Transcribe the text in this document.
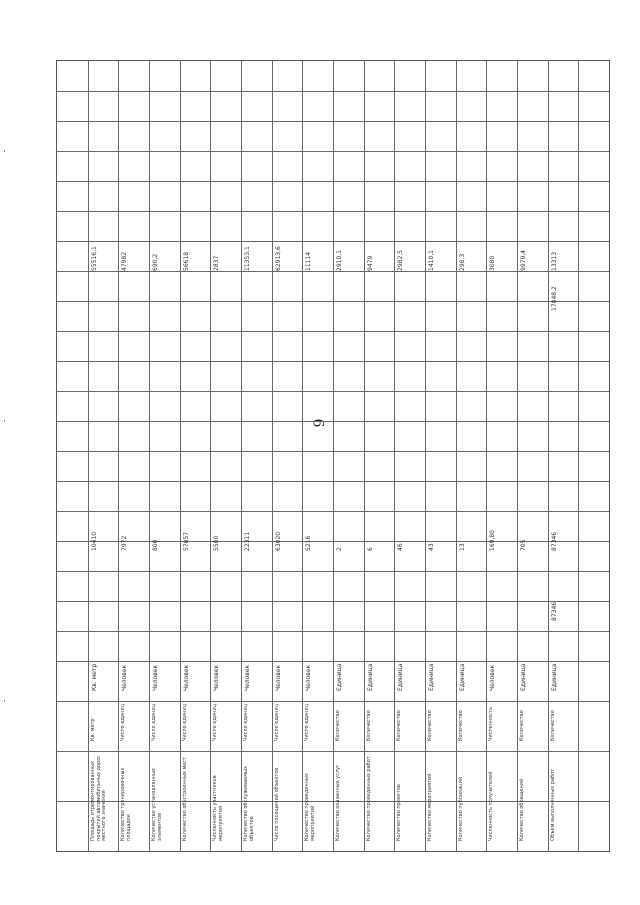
6
Площадь отремонтированных покрытий автомобильных дорог местного значения
Кв. метр
Кв. метр
10410
55516,1
Количество тренировочных площадок
Число единиц
Человек
7972
47982
Количество установленных элементов
Число единиц
Человек
800
690,2
Количество обустроенных мест
Число единиц
Человек
57857
56618
Численность участников мероприятий
Число единиц
Человек
5500
2837
Количество обслуживаемых объектов
Число единиц
Человек
22311
11353,1
Число посещений объектов
Число единиц
Человек
63020
62913,6
Количество проведенных мероприятий
Число единиц
Человек
5216
11114
Количество оказанных услуг
Количество
Единица
2
2910,1
Количество проведенных работ
Количество
Единица
6
9479
Количество проектов
Количество
Единица
46
2982,5
Количество мероприятий
Количество
Единица
43
1410,1
Количество публикаций
Количество
Единица
13
298,3
Численность получателей
Численность
Человек
169,80
3080
Количество обращений
Количество
Единица
705
9979,4
Объем выполненных работ
Количество
Единица
87346
87346
17848,2
13313
